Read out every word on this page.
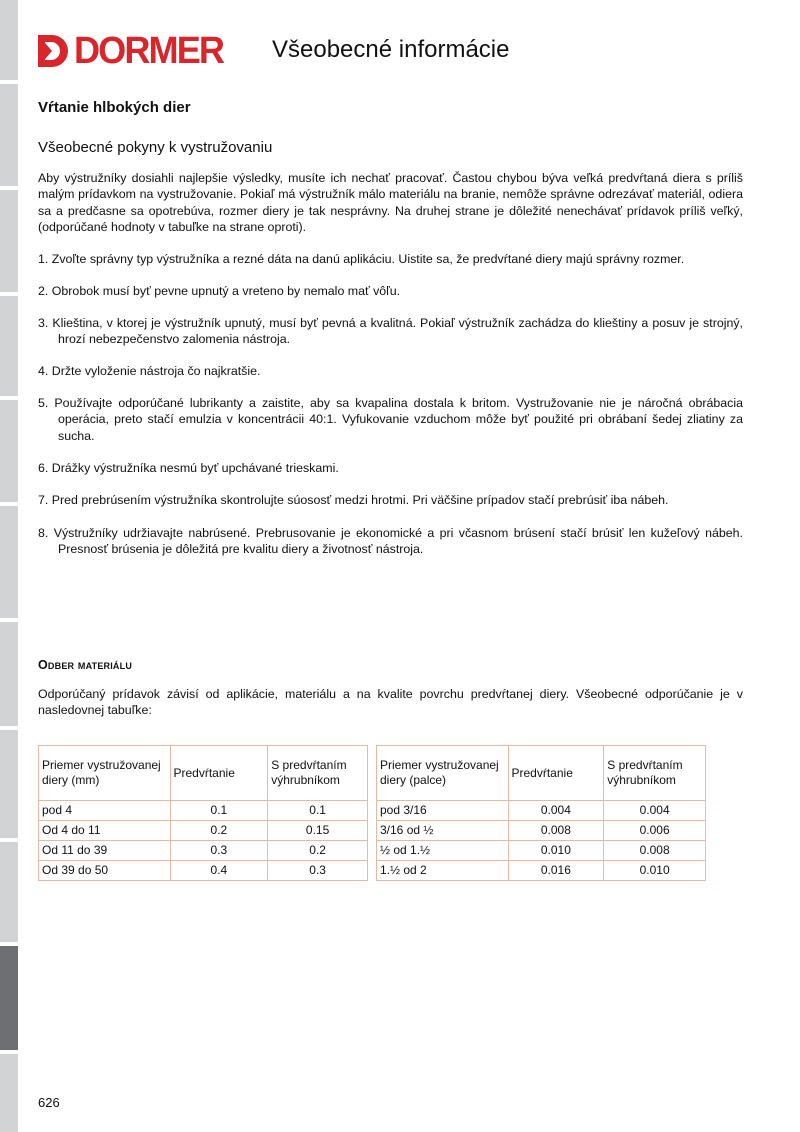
DORMER Všeobecné informácie
Vŕtanie hlbokých dier
Všeobecné pokyny k vystružovaniu

Aby výstružníky dosiahli najlepšie výsledky, musíte ich nechať pracovať. Častou chybou býva veľká predvŕtaná diera s príliš malým prídavkom na vystružovanie. Pokiaľ má výstružník málo materiálu na branie, nemôže správne odrezávať materiál, odiera sa a predčasne sa opotrebúva, rozmer diery je tak nesprávny. Na druhej strane je dôležité nenechávať prídavok príliš veľký, (odporúčané hodnoty v tabuľke na strane oproti).

1. Zvoľte správny typ výstružníka a rezné dáta na danú aplikáciu. Uistite sa, že predvŕtané diery majú správny rozmer.

2. Obrobok musí byť pevne upnutý a vreteno by nemalo mať vôľu.

3. Klieština, v ktorej je výstružník upnutý, musí byť pevná a kvalitná. Pokiaľ výstružník zachádza do klieštiny a posuv je strojný, hrozí nebezpečenstvo zalomenia nástroja.

4. Držte vyloženie nástroja čo najkratšie.

5. Používajte odporúčané lubrikanty a zaistite, aby sa kvapalina dostala k britom. Vystružovanie nie je náročná obrábacia operácia, preto stačí emulzia v koncentrácii 40:1. Vyfukovanie vzduchom môže byť použité pri obrábaní šedej zliatiny za sucha.

6. Drážky výstružníka nesmú byť upchávané trieskami.

7. Pred prebrúsením výstružníka skontrolujte súososť medzi hrotmi. Pri väčšine prípadov stačí prebrúsiť iba nábeh.

8. Výstružníky udržiavajte nabrúsené. Prebrusovanie je ekonomické a pri včasnom brúsení stačí brúsiť len kužeľový nábeh. Presnosť brúsenia je dôležitá pre kvalitu diery a životnosť nástroja.

Odber materiálu

Odporúčaný prídavok závisí od aplikácie, materiálu a na kvalite povrchu predvŕtanej diery. Všeobecné odporúčanie je v nasledovnej tabuľke:

Priemer vystružovanej diery (mm)	Predvŕtanie	S predvŕtaním výhrubníkom
pod 4	0.1	0.1
Od 4 do 11	0.2	0.15
Od 11 do 39	0.3	0.2
Od 39 do 50	0.4	0.3
Priemer vystružovanej diery (palce)	Predvŕtanie	S predvŕtaním výhrubníkom
pod 3/16	0.004	0.004
3/16 od ½	0.008	0.006
½ od 1.½	0.010	0.008
1.½ od 2	0.016	0.010

626
